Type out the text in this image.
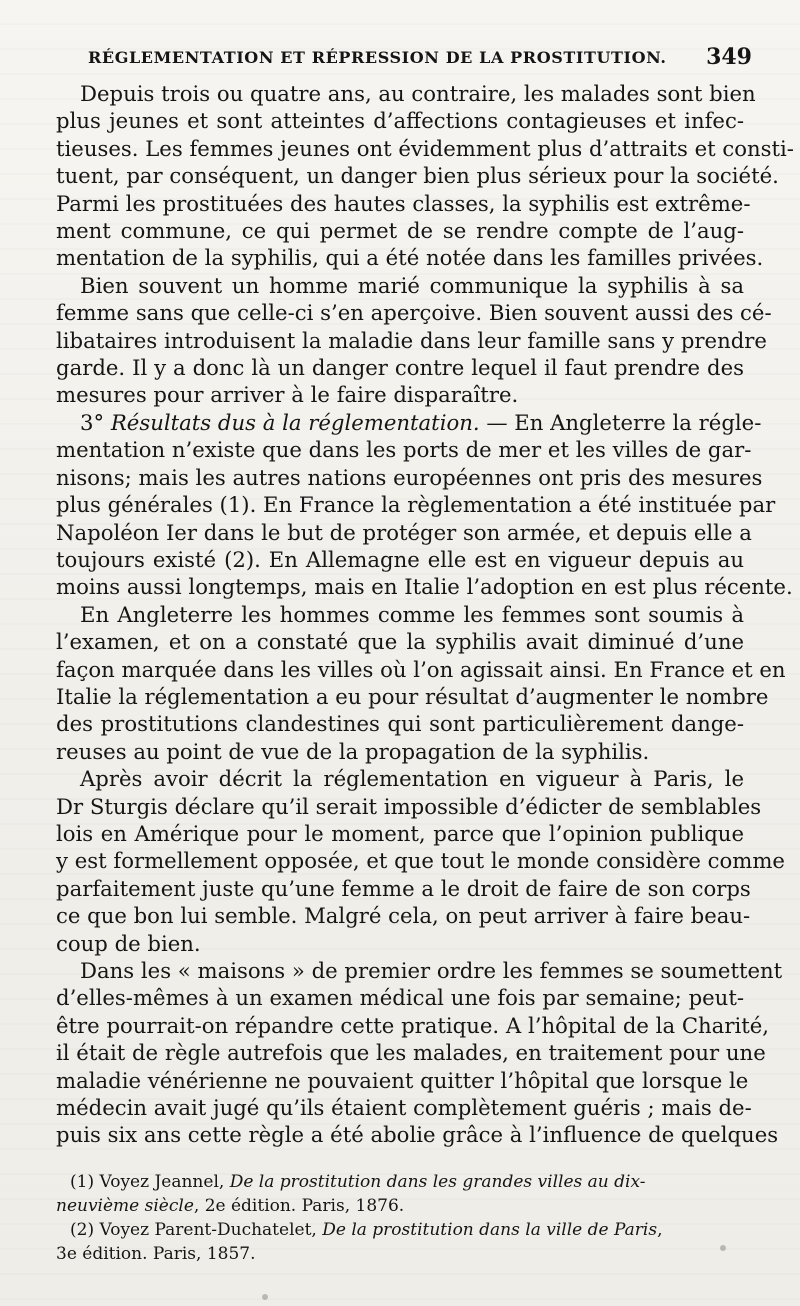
RÉGLEMENTATION ET RÉPRESSION DE LA PROSTITUTION. 349

Depuis trois ou quatre ans, au contraire, les malades sont bien
plus jeunes et sont atteintes d’affections contagieuses et infec-
tieuses. Les femmes jeunes ont évidemment plus d’attraits et consti-
tuent, par conséquent, un danger bien plus sérieux pour la société.
Parmi les prostituées des hautes classes, la syphilis est extrême-
ment commune, ce qui permet de se rendre compte de l’aug-
mentation de la syphilis, qui a été notée dans les familles privées.

Bien souvent un homme marié communique la syphilis à sa
femme sans que celle-ci s’en aperçoive. Bien souvent aussi des cé-
libataires introduisent la maladie dans leur famille sans y prendre
garde. Il y a donc là un danger contre lequel il faut prendre des
mesures pour arriver à le faire disparaître.

3° Résultats dus à la réglementation. — En Angleterre la régle-
mentation n’existe que dans les ports de mer et les villes de gar-
nisons; mais les autres nations européennes ont pris des mesures
plus générales (1). En France la règlementation a été instituée par
Napoléon Ier dans le but de protéger son armée, et depuis elle a
toujours existé (2). En Allemagne elle est en vigueur depuis au
moins aussi longtemps, mais en Italie l’adoption en est plus récente.

En Angleterre les hommes comme les femmes sont soumis à
l’examen, et on a constaté que la syphilis avait diminué d’une
façon marquée dans les villes où l’on agissait ainsi. En France et en
Italie la réglementation a eu pour résultat d’augmenter le nombre
des prostitutions clandestines qui sont particulièrement dange-
reuses au point de vue de la propagation de la syphilis.

Après avoir décrit la réglementation en vigueur à Paris, le
Dr Sturgis déclare qu’il serait impossible d’édicter de semblables
lois en Amérique pour le moment, parce que l’opinion publique
y est formellement opposée, et que tout le monde considère comme
parfaitement juste qu’une femme a le droit de faire de son corps
ce que bon lui semble. Malgré cela, on peut arriver à faire beau-
coup de bien.

Dans les « maisons » de premier ordre les femmes se soumettent
d’elles-mêmes à un examen médical une fois par semaine; peut-
être pourrait-on répandre cette pratique. A l’hôpital de la Charité,
il était de règle autrefois que les malades, en traitement pour une
maladie vénérienne ne pouvaient quitter l’hôpital que lorsque le
médecin avait jugé qu’ils étaient complètement guéris ; mais de-
puis six ans cette règle a été abolie grâce à l’influence de quelques

(1) Voyez Jeannel, De la prostitution dans les grandes villes au dix-
neuvième siècle, 2e édition. Paris, 1876.
(2) Voyez Parent-Duchatelet, De la prostitution dans la ville de Paris,
3e édition. Paris, 1857.
